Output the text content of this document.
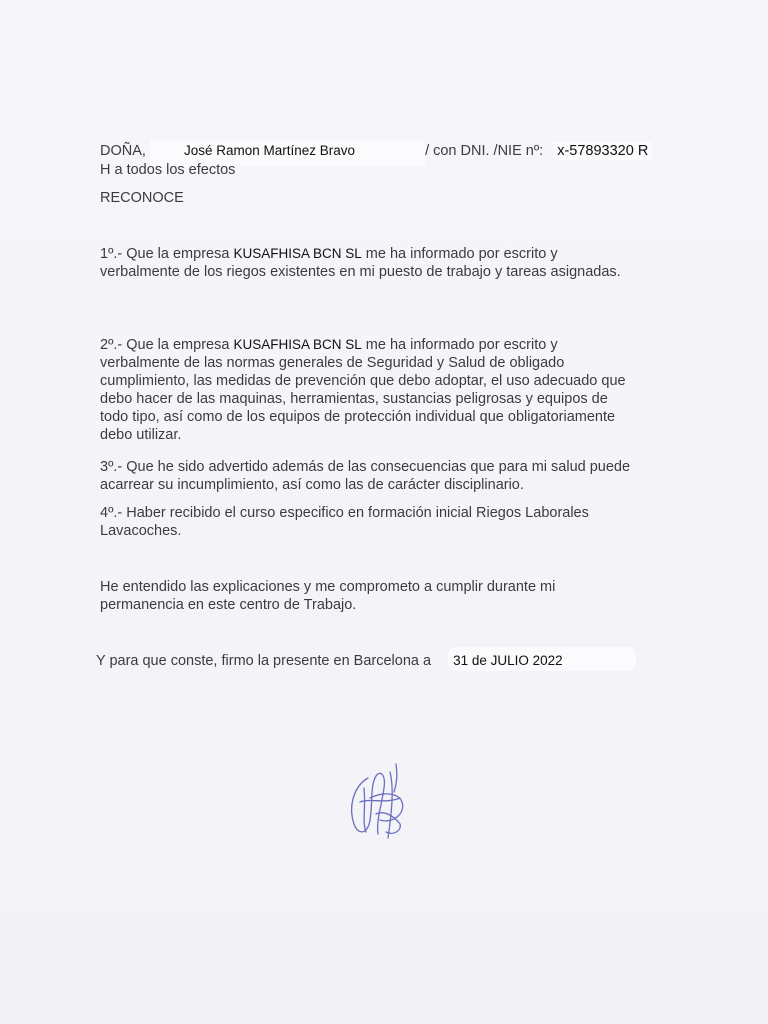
DOÑA,	José Ramon Martínez Bravo	/ con DNI. /NIE nº: x-57893320 R
H a todos los efectos
RECONOCE

1º.- Que la empresa KUSAFHISA BCN SL me ha informado por escrito y

verbalmente de los riegos existentes en mi puesto de trabajo y tareas asignadas.

2º.- Que la empresa KUSAFHISA BCN SL me ha informado por escrito y

verbalmente de las normas generales de Seguridad y Salud de obligado cumplimiento, las medidas de prevención que debo adoptar, el uso adecuado que debo hacer de las maquinas, herramientas, sustancias peligrosas y equipos de todo tipo, así como de los equipos de protección individual que obligatoriamente debo utilizar.

3º.- Que he sido advertido además de las consecuencias que para mi salud puede acarrear su incumplimiento, así como las de carácter disciplinario.
4º.- Haber recibido el curso especifico en formación inicial Riegos Laborales Lavacoches.
He entendido las explicaciones y me comprometo a cumplir durante mi permanencia en este centro de Trabajo.
Y para que conste, firmo la presente en Barcelona a 31 de JULIO 2022
